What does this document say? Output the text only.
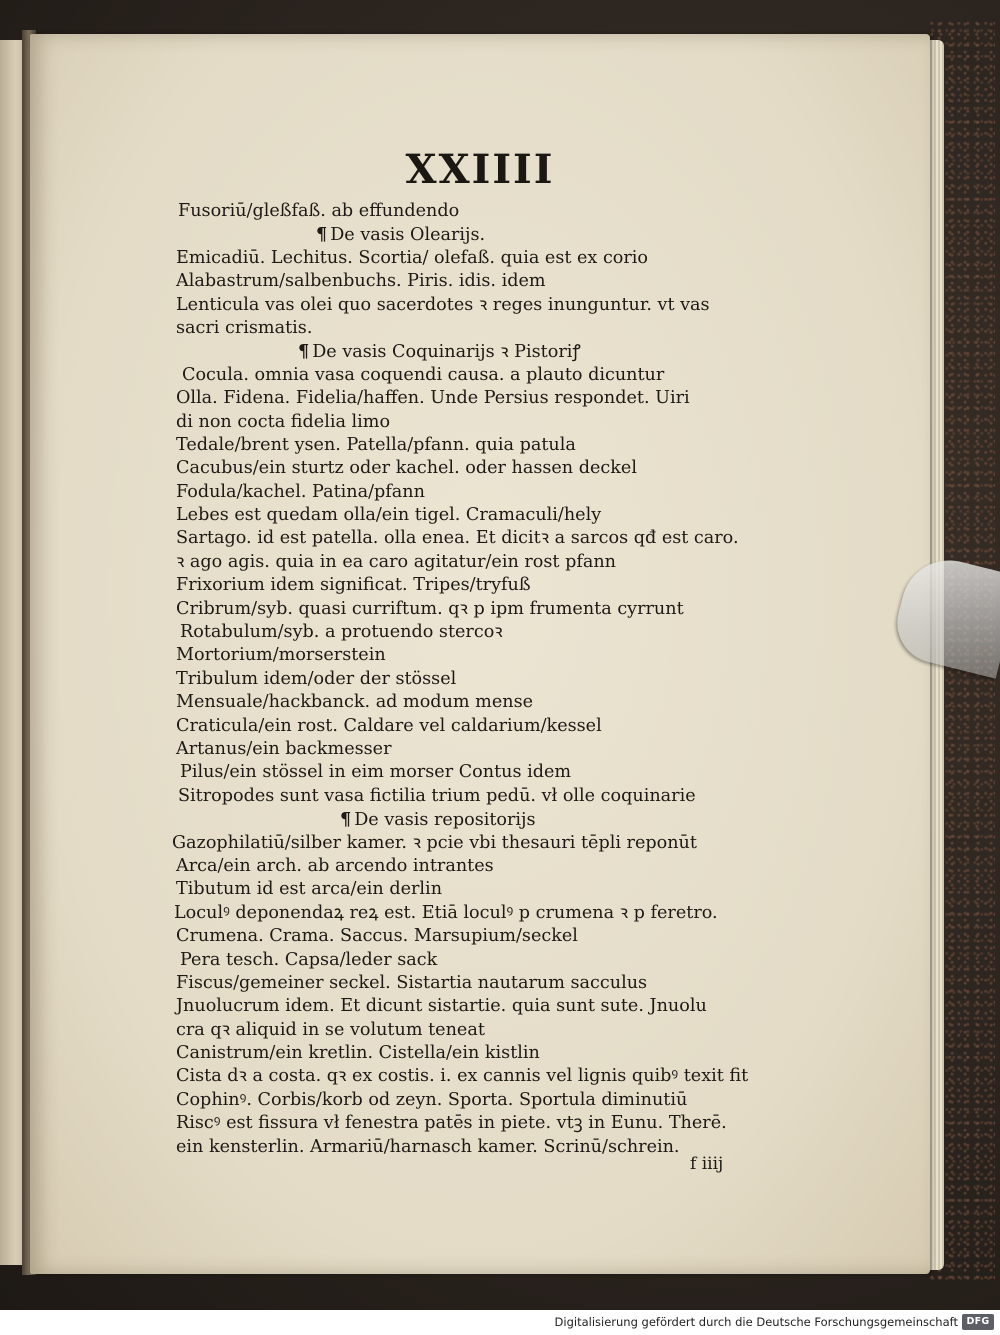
XXIIII
Fusoriū/gleßfaß. ab effundendo
¶ De vasis Olearijs.
Emicadiū. Lechitus. Scortia/ olefaß. quia est ex corio
Alabastrum/salbenbuchs. Piris. idis. idem
Lenticula vas olei quo sacerdotes ꝛ reges inunguntur. vt vas
sacri crismatis.
¶ De vasis Coquinarijs ꝛ Pistoriꝭ
Cocula. omnia vasa coquendi causa. a plauto dicuntur
Olla. Fidena. Fidelia/haffen. Unde Persius respondet. Uiri
di non cocta fidelia limo
Tedale/brent ysen. Patella/pfann. quia patula
Cacubus/ein sturtz oder kachel. oder hassen deckel
Fodula/kachel. Patina/pfann
Lebes est quedam olla/ein tigel. Cramaculi/hely
Sartago. id est patella. olla enea. Et dicitꝛ a sarcos qđ est caro.
ꝛ ago agis. quia in ea caro agitatur/ein rost pfann
Frixorium idem significat. Tripes/tryfuß
Cribrum/syb. quasi curriftum. qꝛ p ipm frumenta cyrrunt
Rotabulum/syb. a protuendo stercoꝛ
Mortorium/morserstein
Tribulum idem/oder der stössel
Mensuale/hackbanck. ad modum mense
Craticula/ein rost. Caldare vel caldarium/kessel
Artanus/ein backmesser
Pilus/ein stössel in eim morser Contus idem
Sitropodes sunt vasa fictilia trium pedū. vł olle coquinarie
¶ De vasis repositorijs
Gazophilatiū/silber kamer. ꝛ pcie vbi thesauri tēpli reponūt
Arca/ein arch. ab arcendo intrantes
Tibutum id est arca/ein derlin
Loculꝰ deponendaꝝ reꝝ est. Etiā loculꝰ p crumena ꝛ p feretro.
Crumena. Crama. Saccus. Marsupium/seckel
Pera tesch. Capsa/leder sack
Fiscus/gemeiner seckel. Sistartia nautarum sacculus
Jnuolucrum idem. Et dicunt sistartie. quia sunt sute. Jnuolu
cra qꝛ aliquid in se volutum teneat
Canistrum/ein kretlin. Cistella/ein kistlin
Cista dꝛ a costa. qꝛ ex costis. i. ex cannis vel lignis quibꝰ texit fit
Cophinꝰ. Corbis/korb od zeyn. Sporta. Sportula diminutiū
Riscꝰ est fissura vł fenestra patēs in piete. vtꝫ in Eunu. Therē.
ein kensterlin. Armariū/harnasch kamer. Scrinū/schrein.
f iiij
Digitalisierung gefördert durch die Deutsche Forschungsgemeinschaft DFG
